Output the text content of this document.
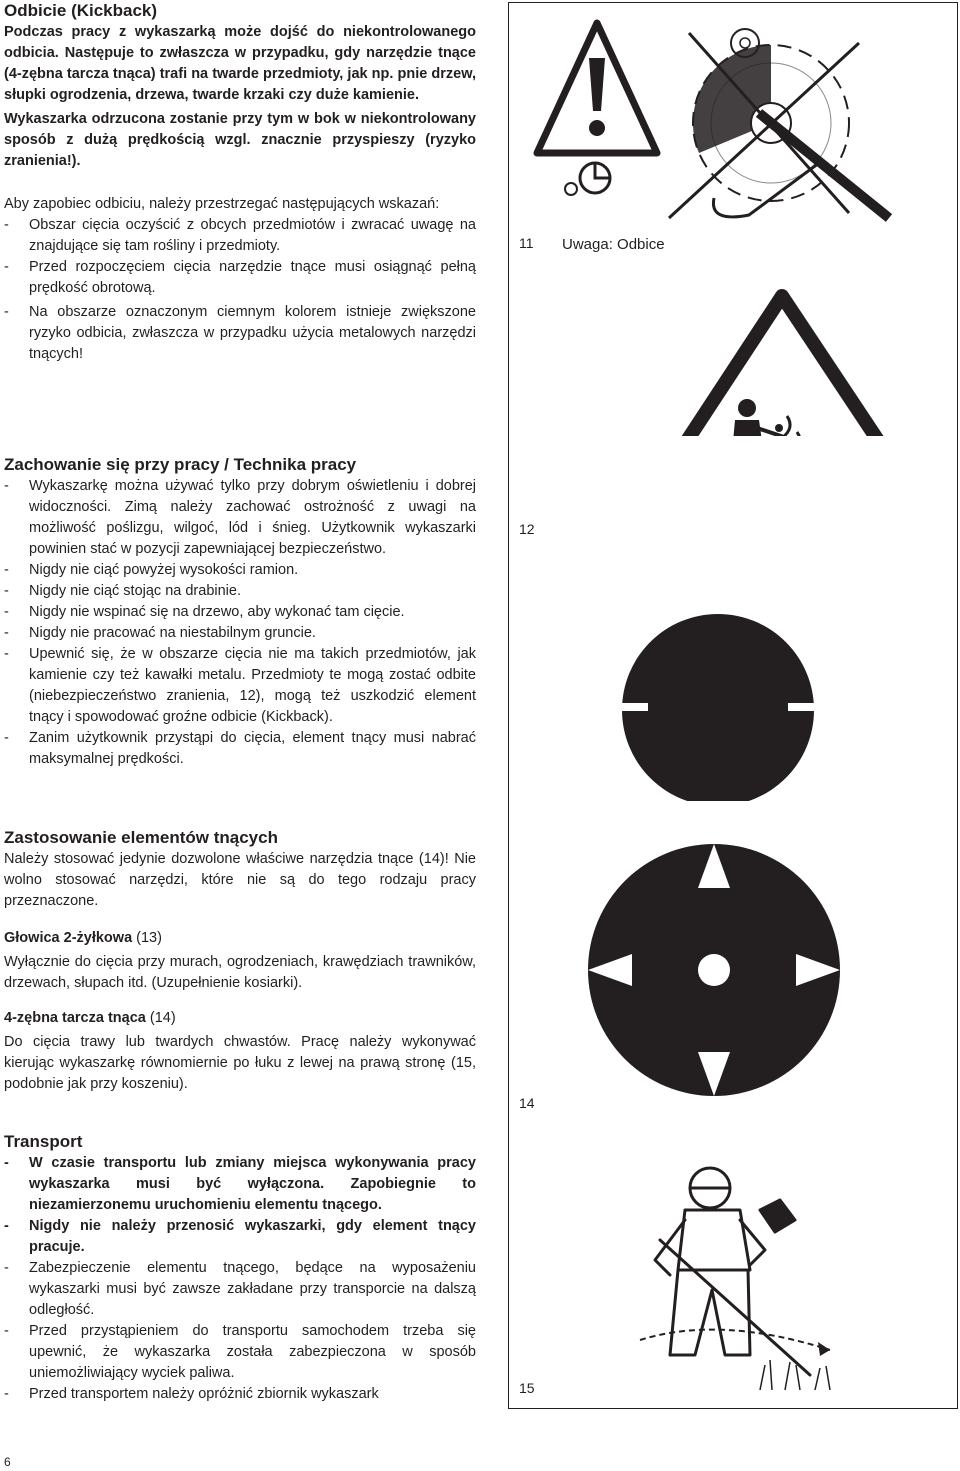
Odbicie (Kickback)

Podczas pracy z wykaszarką może dojść do niekontrolowanego odbicia. Następuje to zwłaszcza w przypadku, gdy narzędzie tnące (4-zębna tarcza tnąca) trafi na twarde przedmioty, jak np. pnie drzew, słupki ogrodzenia, drzewa, twarde krzaki czy duże kamienie.

Wykaszarka odrzucona zostanie przy tym w bok w niekontrolowany sposób z dużą prędkością wzgl. znacznie przyspieszy (ryzyko zranienia!).

Aby zapobiec odbiciu, należy przestrzegać następujących wskazań:

- Obszar cięcia oczyścić z obcych przedmiotów i zwracać uwagę na znajdujące się tam rośliny i przedmioty.
- Przed rozpoczęciem cięcia narzędzie tnące musi osiągnąć pełną prędkość obrotową.
- Na obszarze oznaczonym ciemnym kolorem istnieje zwiększone ryzyko odbicia, zwłaszcza w przypadku użycia metalowych narzędzi tnących!
Zachowanie się przy pracy / Technika pracy
- Wykaszarkę można używać tylko przy dobrym oświetleniu i dobrej widoczności. Zimą należy zachować ostrożność z uwagi na możliwość poślizgu, wilgoć, lód i śnieg. Użytkownik wykaszarki powinien stać w pozycji zapewniającej bezpieczeństwo.
- Nigdy nie ciąć powyżej wysokości ramion.
- Nigdy nie ciąć stojąc na drabinie.
- Nigdy nie wspinać się na drzewo, aby wykonać tam cięcie.
- Nigdy nie pracować na niestabilnym gruncie.
- Upewnić się, że w obszarze cięcia nie ma takich przedmiotów, jak kamienie czy też kawałki metalu. Przedmioty te mogą zostać odbite (niebezpieczeństwo zranienia, 12), mogą też uszkodzić element tnący i spowodować groźne odbicie (Kickback).
- Zanim użytkownik przystąpi do cięcia, element tnący musi nabrać maksymalnej prędkości.
Zastosowanie elementów tnących

Należy stosować jedynie dozwolone właściwe narzędzia tnące (14)! Nie wolno stosować narzędzi, które nie są do tego rodzaju pracy przeznaczone.

Głowica 2-żyłkowa (13)

Wyłącznie do cięcia przy murach, ogrodzeniach, krawędziach trawników, drzewach, słupach itd. (Uzupełnienie kosiarki).

4-zębna tarcza tnąca (14)

Do cięcia trawy lub twardych chwastów. Pracę należy wykonywać kierując wykaszarkę równomiernie po łuku z lewej na prawą stronę (15, podobnie jak przy koszeniu).

Transport
- W czasie transportu lub zmiany miejsca wykonywania pracy wykaszarka musi być wyłączona. Zapobiegnie to niezamierzonemu uruchomieniu elementu tnącego.
- Nigdy nie należy przenosić wykaszarki, gdy element tnący pracuje.
- Zabezpieczenie elementu tnącego, będące na wyposażeniu wykaszarki musi być zawsze zakładane przy transporcie na dalszą odległość.
- Przed przystąpieniem do transportu samochodem trzeba się upewnić, że wykaszarka została zabezpieczona w sposób uniemożliwiający wyciek paliwa.
- Przed transportem należy opróżnić zbiornik wykaszark
6
11 Uwaga: Odbice
12
14
15
